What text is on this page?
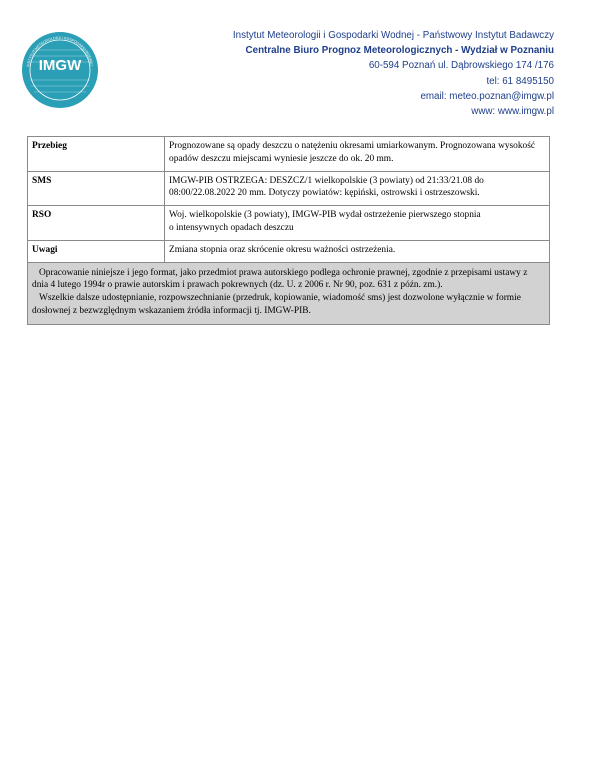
IMGW
INSTYTUT METEOROLOGII I GOSPODARKI WODNEJ
Instytut Meteorologii i Gospodarki Wodnej - Państwowy Instytut Badawczy
Centralne Biuro Prognoz Meteorologicznych - Wydział w Poznaniu
60-594 Poznań ul. Dąbrowskiego 174 /176
tel: 61 8495150
email: meteo.poznan@imgw.pl
www: www.imgw.pl
Przebieg	Prognozowane są opady deszczu o natężeniu okresami umiarkowanym. Prognozowana wysokość opadów deszczu miejscami wyniesie jeszcze do ok. 20 mm.
SMS	IMGW-PIB OSTRZEGA: DESZCZ/1 wielkopolskie (3 powiaty) od 21:33/21.08 do 08:00/22.08.2022 20 mm. Dotyczy powiatów: kępiński, ostrowski i ostrzeszowski.
RSO	Woj. wielkopolskie (3 powiaty), IMGW-PIB wydał ostrzeżenie pierwszego stopnia
o intensywnych opadach deszczu

Uwagi	Zmiana stopnia oraz skrócenie okresu ważności ostrzeżenia.

Opracowanie niniejsze i jego format, jako przedmiot prawa autorskiego podlega ochronie prawnej, zgodnie z przepisami ustawy z dnia 4 lutego 1994r o prawie autorskim i prawach pokrewnych (dz. U. z 2006 r. Nr 90, poz. 631 z późn. zm.).

Wszelkie dalsze udostępnianie, rozpowszechnianie (przedruk, kopiowanie, wiadomość sms) jest dozwolone wyłącznie w formie dosłownej z bezwzględnym wskazaniem źródła informacji tj. IMGW-PIB.	
